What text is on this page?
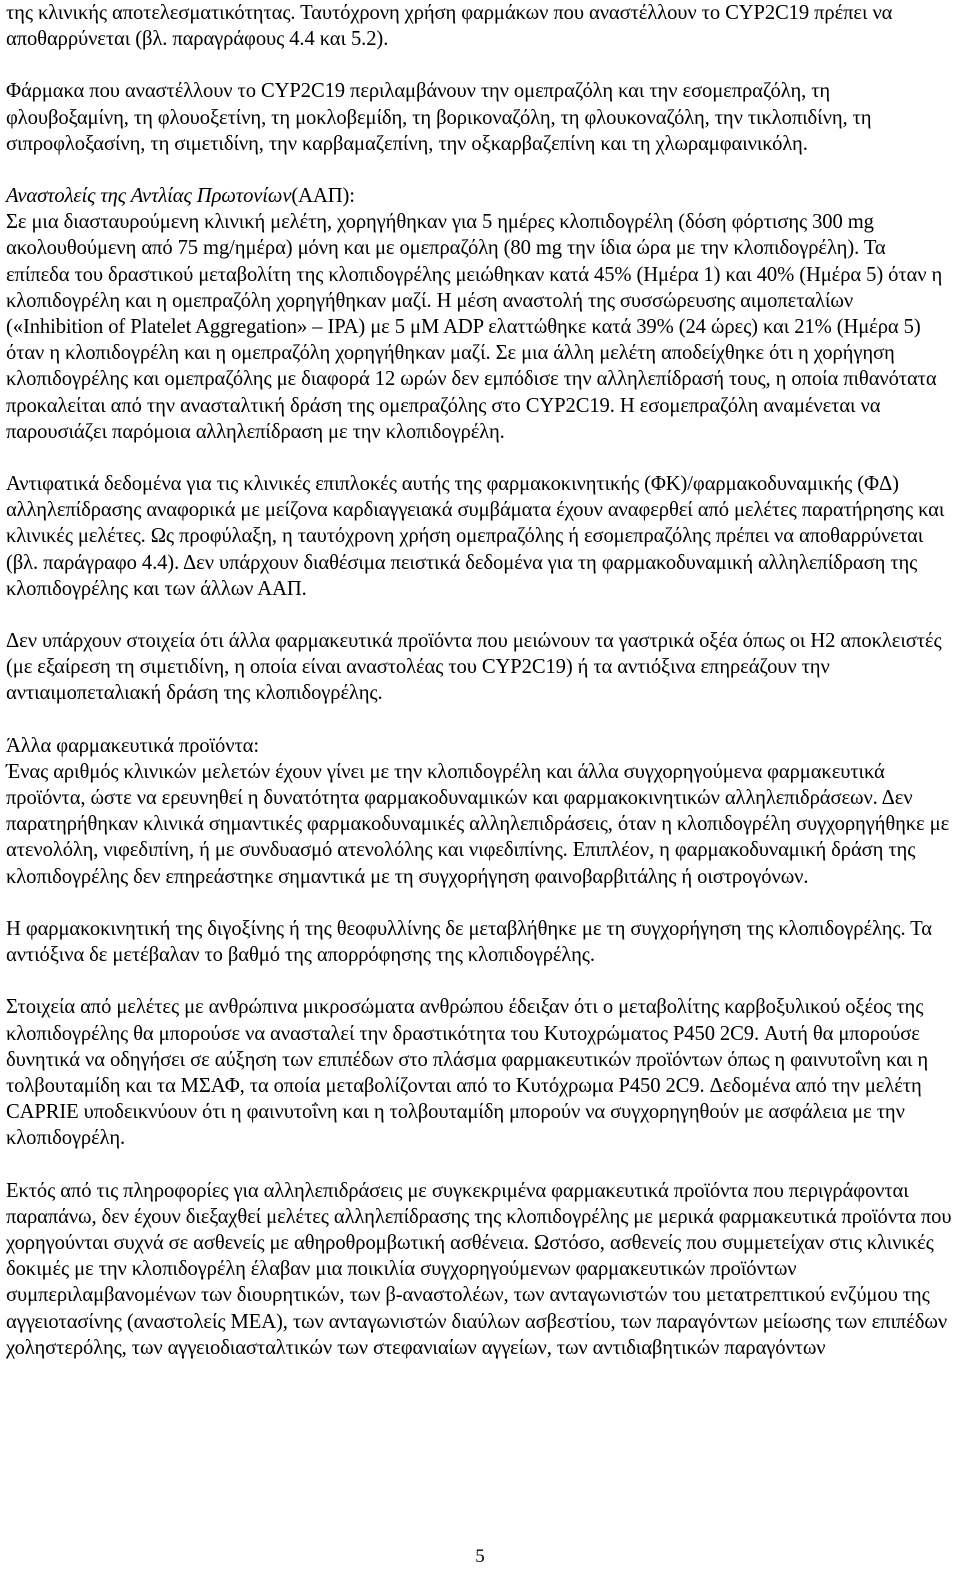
της κλινικής αποτελεσματικότητας. Ταυτόχρονη χρήση φαρμάκων που αναστέλλουν το CYP2C19 πρέπει να αποθαρρύνεται (βλ. παραγράφους 4.4 και 5.2).

Φάρμακα που αναστέλλουν το CYP2C19 περιλαμβάνουν την ομεπραζόλη και την εσομεπραζόλη, τη φλουβοξαμίνη, τη φλουοξετίνη, τη μοκλοβεμίδη, τη βορικοναζόλη, τη φλουκοναζόλη, την τικλοπιδίνη, τη σιπροφλοξασίνη, τη σιμετιδίνη, την καρβαμαζεπίνη, την οξκαρβαζεπίνη και τη χλωραμφαινικόλη.

Αναστολείς της Αντλίας Πρωτονίων(ΑΑΠ):

Σε μια διασταυρούμενη κλινική μελέτη, χορηγήθηκαν για 5 ημέρες κλοπιδογρέλη (δόση φόρτισης 300 mg ακολουθούμενη από 75 mg/ημέρα) μόνη και με ομεπραζόλη (80 mg την ίδια ώρα με την κλοπιδογρέλη). Τα επίπεδα του δραστικού μεταβολίτη της κλοπιδογρέλης μειώθηκαν κατά 45% (Ημέρα 1) και 40% (Ημέρα 5) όταν η κλοπιδογρέλη και η ομεπραζόλη χορηγήθηκαν μαζί. Η μέση αναστολή της συσσώρευσης αιμοπεταλίων («Inhibition of Platelet Aggregation» – IPA) με 5 μM ADP ελαττώθηκε κατά 39% (24 ώρες) και 21% (Ημέρα 5) όταν η κλοπιδογρέλη και η ομεπραζόλη χορηγήθηκαν μαζί. Σε μια άλλη μελέτη αποδείχθηκε ότι η χορήγηση κλοπιδογρέλης και ομεπραζόλης με διαφορά 12 ωρών δεν εμπόδισε την αλληλεπίδρασή τους, η οποία πιθανότατα προκαλείται από την ανασταλτική δράση της ομεπραζόλης στο CYP2C19. Η εσομεπραζόλη αναμένεται να παρουσιάζει παρόμοια αλληλεπίδραση με την κλοπιδογρέλη.

Αντιφατικά δεδομένα για τις κλινικές επιπλοκές αυτής της φαρμακοκινητικής (ΦΚ)/φαρμακοδυναμικής (ΦΔ) αλληλεπίδρασης αναφορικά με μείζονα καρδιαγγειακά συμβάματα έχουν αναφερθεί από μελέτες παρατήρησης και κλινικές μελέτες. Ως προφύλαξη, η ταυτόχρονη χρήση ομεπραζόλης ή εσομεπραζόλης πρέπει να αποθαρρύνεται (βλ. παράγραφο 4.4). Δεν υπάρχουν διαθέσιμα πειστικά δεδομένα για τη φαρμακοδυναμική αλληλεπίδραση της κλοπιδογρέλης και των άλλων ΑΑΠ.

Δεν υπάρχουν στοιχεία ότι άλλα φαρμακευτικά προϊόντα που μειώνουν τα γαστρικά οξέα όπως οι Η2 αποκλειστές (με εξαίρεση τη σιμετιδίνη, η οποία είναι αναστολέας του CYP2C19) ή τα αντιόξινα επηρεάζουν την αντιαιμοπεταλιακή δράση της κλοπιδογρέλης.

Άλλα φαρμακευτικά προϊόντα:

Ένας αριθμός κλινικών μελετών έχουν γίνει με την κλοπιδογρέλη και άλλα συγχορηγούμενα φαρμακευτικά προϊόντα, ώστε να ερευνηθεί η δυνατότητα φαρμακοδυναμικών και φαρμακοκινητικών αλληλεπιδράσεων. Δεν παρατηρήθηκαν κλινικά σημαντικές φαρμακοδυναμικές αλληλεπιδράσεις, όταν η κλοπιδογρέλη συγχορηγήθηκε με ατενολόλη, νιφεδιπίνη, ή με συνδυασμό ατενολόλης και νιφεδιπίνης. Επιπλέον, η φαρμακοδυναμική δράση της κλοπιδογρέλης δεν επηρεάστηκε σημαντικά με τη συγχορήγηση φαινοβαρβιτάλης ή οιστρογόνων.

Η φαρμακοκινητική της διγοξίνης ή της θεοφυλλίνης δε μεταβλήθηκε με τη συγχορήγηση της κλοπιδογρέλης. Τα αντιόξινα δε μετέβαλαν το βαθμό της απορρόφησης της κλοπιδογρέλης.

Στοιχεία από μελέτες με ανθρώπινα μικροσώματα ανθρώπου έδειξαν ότι ο μεταβολίτης καρβοξυλικού οξέος της κλοπιδογρέλης θα μπορούσε να ανασταλεί την δραστικότητα του Κυτοχρώματος P450 2C9. Αυτή θα μπορούσε δυνητικά να οδηγήσει σε αύξηση των επιπέδων στο πλάσμα φαρμακευτικών προϊόντων όπως η φαινυτοΐνη και η τολβουταμίδη και τα ΜΣΑΦ, τα οποία μεταβολίζονται από το Κυτόχρωμα P450 2C9. Δεδομένα από την μελέτη CAPRIE υποδεικνύουν ότι η φαινυτοΐνη και η τολβουταμίδη μπορούν να συγχορηγηθούν με ασφάλεια με την κλοπιδογρέλη.

Εκτός από τις πληροφορίες για αλληλεπιδράσεις με συγκεκριμένα φαρμακευτικά προϊόντα που περιγράφονται παραπάνω, δεν έχουν διεξαχθεί μελέτες αλληλεπίδρασης της κλοπιδογρέλης με μερικά φαρμακευτικά προϊόντα που χορηγούνται συχνά σε ασθενείς με αθηροθρομβωτική ασθένεια. Ωστόσο, ασθενείς που συμμετείχαν στις κλινικές δοκιμές με την κλοπιδογρέλη έλαβαν μια ποικιλία συγχορηγούμενων φαρμακευτικών προϊόντων συμπεριλαμβανομένων των διουρητικών, των β-αναστολέων, των ανταγωνιστών του μετατρεπτικού ενζύμου της αγγειοτασίνης (αναστολείς ΜΕΑ), των ανταγωνιστών διαύλων ασβεστίου, των παραγόντων μείωσης των επιπέδων χοληστερόλης, των αγγειοδιασταλτικών των στεφανιαίων αγγείων, των αντιδιαβητικών παραγόντων

5
